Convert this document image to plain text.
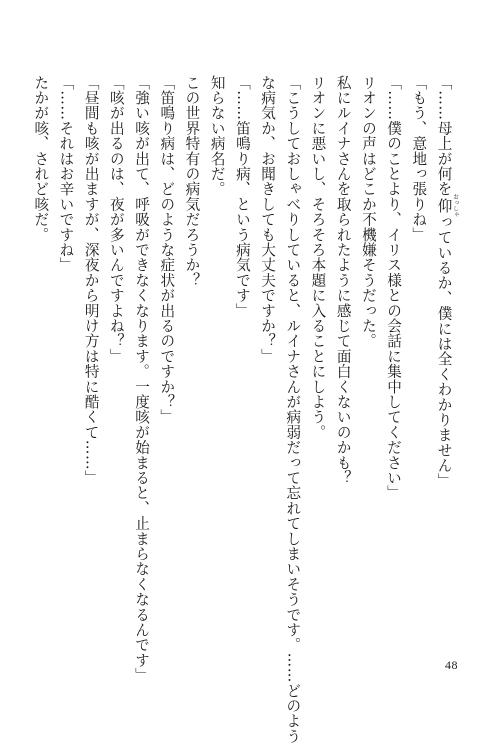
「……母上が何を仰 おっしゃっているか、僕には全くわかりません」
「もう、意地っ張りね」
「……僕のことより、イリス様との会話に集中してください」
リオンの声はどこか不機嫌そうだった。
私にルイナさんを取られたように感じて面白くないのかも？
リオンに悪いし、そろそろ本題に入ることにしよう。
「こうしておしゃべりしていると、ルイナさんが病弱だって忘れてしまいそうです。……どのよう
な病気か、お聞きしても大丈夫ですか？」
「……笛鳴り病、という病気です」
知らない病名だ。
この世界特有の病気だろうか？
「笛鳴り病は、どのような症状が出るのですか？」
「強い咳が出て、呼吸ができなくなります。一度咳が始まると、止まらなくなるんです」
「咳が出るのは、夜が多いんですよね？」
「昼間も咳が出ますが、深夜から明け方は特に酷くて……」
「……それはお辛いですね」
たかが咳、されど咳だ。
48
